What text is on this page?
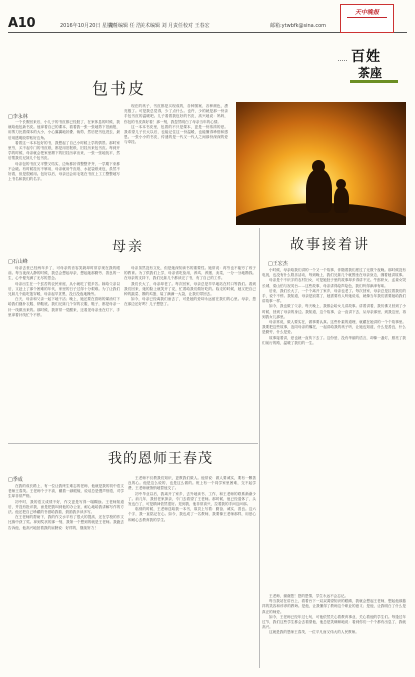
A10	2016年10月20日 星期四
责任编辑 任 浩
美术编辑 刘 月 责任校对 王春宏	邮箱:ytwbfk@sina.com
天中晚报
百姓
茶座
包书皮
□李永林

一个长假回来后，小儿子的书皮都已经脏了，在家休息的时候，我就给他包新书皮。他拿着自己的课本，看着我一张一张地剪下旧画报，用剪刀比着课本的大小，小心翼翼地折叠、裁剪，然后把书包进去，最后用透明胶带粘好边角。

看着这一本本包好的书，我想起了自己小时候上学的情景。那时家里穷，买不起专门的书皮纸，都是用旧报纸、旧挂历来包书皮。每到开学的时候，母亲就会把家里攒下的旧挂历拿出来，一张一张地抚平，然后帮我们兄妹几个包书皮。

母亲包的书皮又平整又结实，边角都折得整整齐齐，一学期下来都不会破。有时候挂历不够用，母亲就用牛皮纸、水泥袋纸来包，虽然不好看，但是很耐用。包好以后，母亲还会用毛笔在书皮上工工整整地写上书名和我们的名字。

现在的孩子，书皮都是买现成的，各种图案、各种颜色，漂亮极了。可是我总觉得，少了点什么。也许，少的就是那一份亲手包书皮的温暖吧。儿子看着我包好的书皮，高兴地说：妈妈，你包的书皮真好看！那一刻，我忽然明白了母亲当年的心情。

这一本本书皮里，包着的不只是课本，更是一份浓浓的爱。我希望儿子长大以后，也能记住这一份温暖，也能懂得珍惜和感恩。一张小小的书皮，传递的是一代又一代人之间那份深深的爱与牵挂。

故事接着讲
□王宏杰

小时候，母亲给我们讲的一个又一个故事，伴随着我们度过了无数个夜晚。那时候没有电视，也没有什么娱乐活动，每到晚上，我们兄妹几个就围坐在母亲身边，缠着她讲故事。

母亲是个不识字的农村妇女，可是她肚子里的故事却多得讲不完。牛郎织女、孟姜女哭长城、梁山伯与祝英台……这些故事，母亲讲得绘声绘色，我们听得津津有味。

后来，我们长大了，一个个离开了家乡，母亲也老了。每次回家，母亲总是拉着我们的手，说个不停。我知道，母亲是寂寞了，她需要有人听她说话，就像当年我们需要她给我们讲故事一样。

如今，我也做了父亲，每天晚上，我都会给女儿讲故事。讲着讲着，我仿佛又回到了小时候，回到了母亲的身边。我知道，这个故事，会一直讲下去，从母亲那里，到我这里，再到我女儿那里。

母亲常说，做人要实在，做事要认真。这些朴素的道理，就藏在她讲的一个个故事里。我要把这些故事，连同母亲的嘱托，一起讲给我的孩子听，让她也知道，什么是善良，什么是勤劳，什么是爱。

故事接着讲，爱也就一直传下去了。这份爱，没有华丽的语言，却像一盏灯，照亮了我们前行的路，温暖了我们的一生。

母亲
□石山峰

母亲去世已经两年多了，可母亲的音容笑貌却时常浮现在我的眼前。每当夜深人静的时候，我总会想起母亲，想起她那勤劳、善良的一生，心中便充满了无尽的思念。

母亲出生在一个贫苦的农民家庭，从小就吃了很多苦。嫁给父亲以后，又赶上了那个困难的年代，家里的日子过得十分艰难。为了让我们兄妹几个能吃饱穿暖，母亲起早贪黑，没日没夜地操劳。

白天，母亲和父亲一起下地干活；晚上，她还要在昏暗的煤油灯下给我们缝补衣服、纳鞋底。我们兄妹几个穿的衣服、鞋子，都是母亲一针一线做出来的。那时候，我常常一觉醒来，还看见母亲坐在灯下，手里拿着针线忙个不停。

母亲虽然没有文化，但是她深知读书的重要性。她常说：再穷也不能穷了孩子的教育。为了供我们上学，母亲省吃俭用，养鸡、养猪、卖菜，一分一分地攒钱。在母亲的支持下，我们兄妹几个都读完了书，有了自己的工作。

我们长大了，母亲却老了。每次回家，母亲总是早早地站在村口等我们。看到我们回来，她的脸上就笑开了花，忙着给我们做好吃的。临走的时候，她又把自己种的蔬菜、攒的鸡蛋，装了满满一大袋，让我们带回去。

如今，母亲已经离我们而去了，可是她的爱却永远留在我们的心里。母亲，您在那边还好吗？儿子想您了。

我的恩师王春茂
□季成

在我的成长路上，有一位让我终生难忘的老师，他就是我的初中语文老师王春茂。王老师个子不高，戴着一副眼镜，说话总是慢声细语，对学生却非常严格。

初中时，我的语文成绩不好，作文更是写得一塌糊涂。王老师知道后，并没有批评我，而是把我叫到他的办公室，耐心地给我讲解写作的方法。他还把自己珍藏的书借给我看，鼓励我多读多写。

在王老师的帮助下，我的作文水平有了很大的提高，还在学校的作文比赛中获了奖。拿到奖状的那一刻，我第一个想到的就是王老师。我跑去告诉他，他高兴地拍着我的肩膀说：好样的，继续努力！

王老师不仅教我们知识，更教我们做人。他常说：做人要诚实，要有一颗善良的心。他是这么说的，也是这么做的。班上有一个同学家里困难，交不起学费，王老师就悄悄地替他交了。

初中毕业以后，我离开了家乡，去外地读书、工作，和王老师的联系渐渐少了。前几年，我回老家探亲，专门去看望了王老师。那时候，他已经退休了，头发也白了，可是精神依然很好。见到我，他非常高兴，拉着我的手问这问那。

临别的时候，王老师送给我一本书，扉页上写着：勤奋、诚实、善良。这六个字，我一直铭记在心。如今，我也成了一名教师，我要像王老师那样，用爱心和耐心去教育我的学生。

王老师，谢谢您！您的恩情，学生永远不会忘记。

每当我站在讲台上，看着台下一双双渴望知识的眼睛，我就会想起王老师，想起他那慈祥的笑容和谆谆的教诲。是他，让我懂得了教师这个职业的意义；是他，让我明白了什么是真正的师爱。

如今，王老师已经年过七旬，可他依然关心着教育事业，关心着他的学生们。每逢过年过节，我们这些学生都会去看望他，他总是笑眯眯地说：看到你们一个个都有出息了，我就高兴。

这就是我的恩师王春茂，一位平凡而又伟大的人民教师。
